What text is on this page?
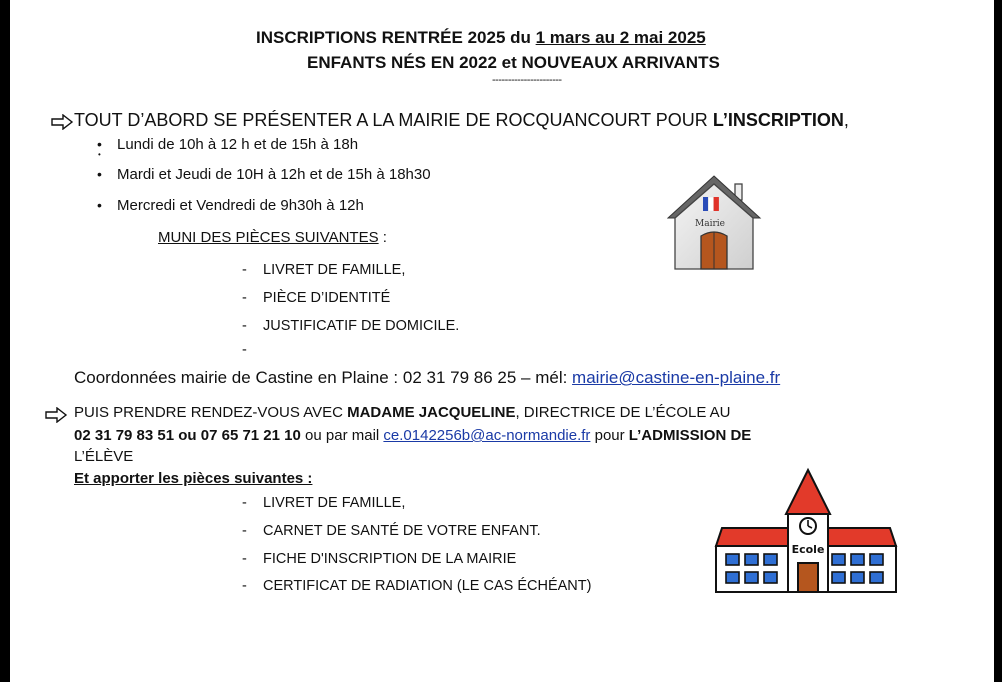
INSCRIPTIONS RENTRÉE 2025 du 1 mars au 2 mai 2025
ENFANTS NÉS EN 2022 et NOUVEAUX ARRIVANTS
----------------------
TOUT D’ABORD SE PRÉSENTER A LA MAIRIE DE ROCQUANCOURT POUR L’INSCRIPTION,
• Lundi de 10h à 12 h et de 15h à 18h
•
• Mardi et Jeudi de 10H à 12h et de 15h à 18h30
• Mercredi et Vendredi de 9h30h à 12h
MUNI DES PIÈCES SUIVANTES :
- LIVRET DE FAMILLE,
- PIÈCE D’IDENTITÉ
- JUSTIFICATIF DE DOMICILE.
-
Mairie
Coordonnées mairie de Castine en Plaine : 02 31 79 86 25 – mél: mairie@castine-en-plaine.fr
PUIS PRENDRE RENDEZ-VOUS AVEC MADAME JACQUELINE, DIRECTRICE DE L’ÉCOLE AU
02 31 79 83 51 ou 07 65 71 21 10 ou par mail ce.0142256b@ac-normandie.fr pour L’ADMISSION DE
L’ÉLÈVE
Et apporter les pièces suivantes :
- LIVRET DE FAMILLE,
- CARNET DE SANTÉ DE VOTRE ENFANT.
- FICHE D'INSCRIPTION DE LA MAIRIE
- CERTIFICAT DE RADIATION (LE CAS ÉCHÉANT)
Ecole
